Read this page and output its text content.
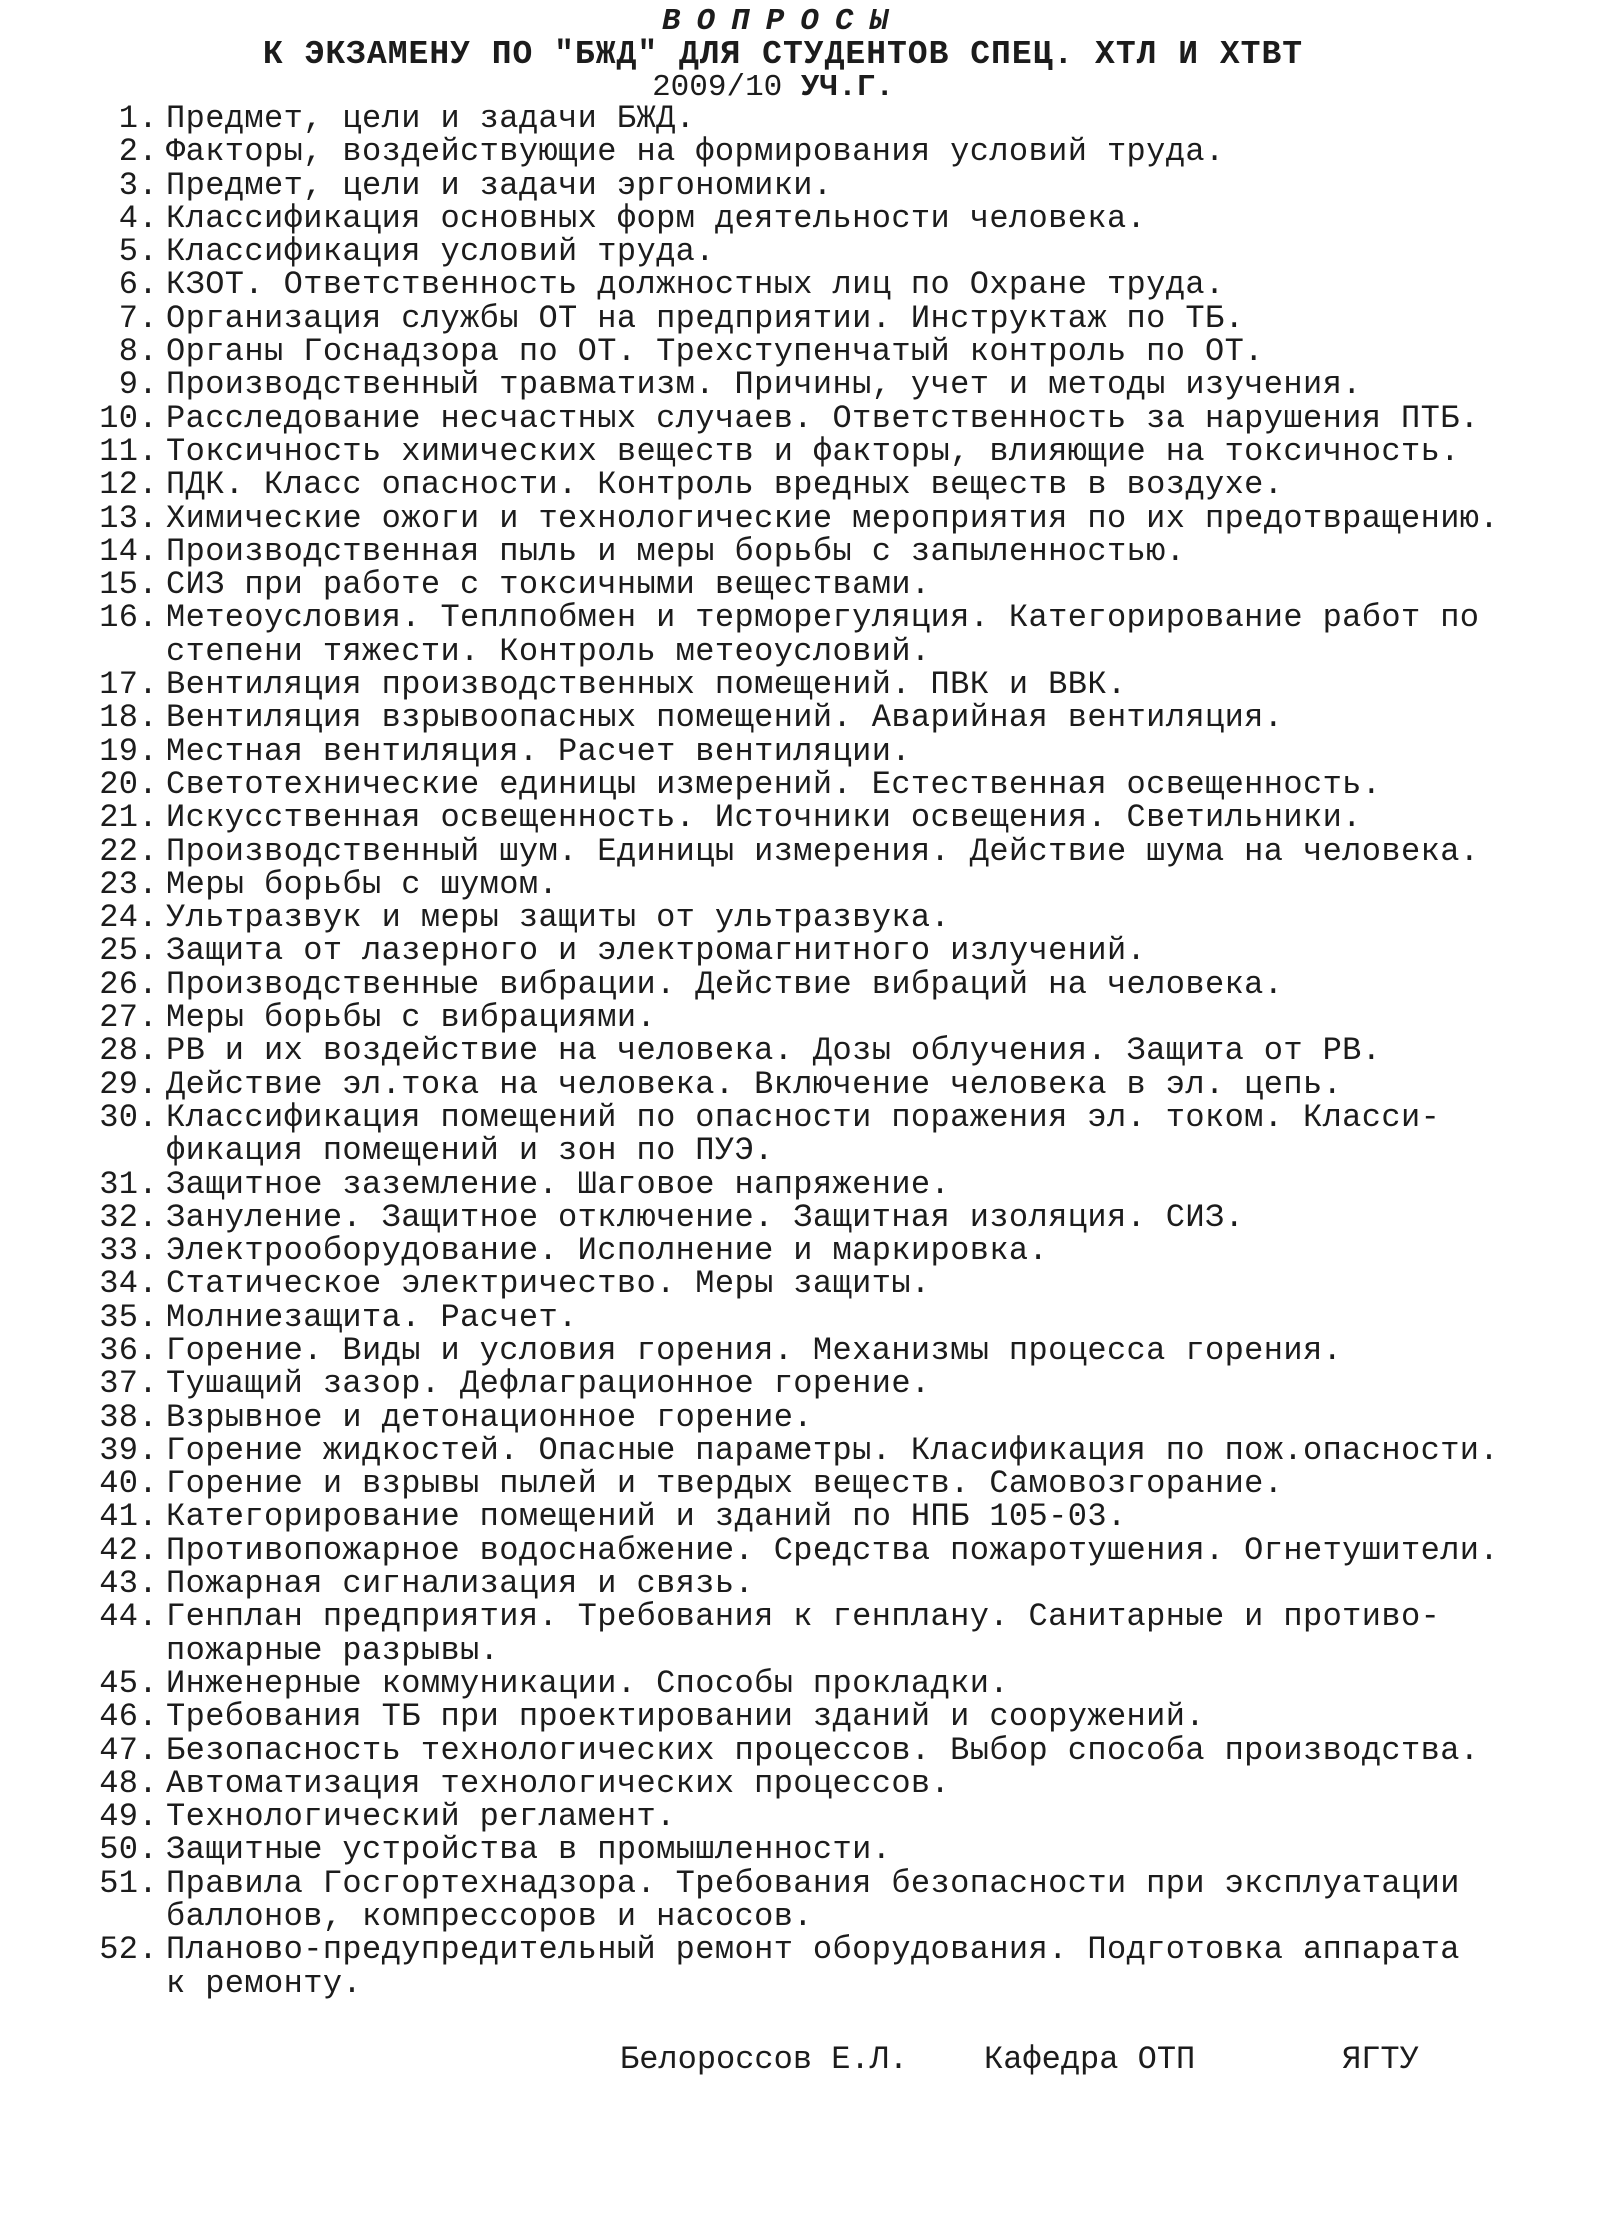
ВОПРОСЫ
К ЭКЗАМЕНУ ПО "БЖД" ДЛЯ СТУДЕНТОВ СПЕЦ. ХТЛ И ХТВТ
2009/10 УЧ.Г.
1. Предмет, цели и задачи БЖД.
2. Факторы, воздействующие на формирования условий труда.
3. Предмет, цели и задачи эргономики.
4. Классификация основных форм деятельности человека.
5. Классификация условий труда.
6. КЗОТ. Ответственность должностных лиц по Охране труда.
7. Организация службы ОТ на предприятии. Инструктаж по ТБ.
8. Органы Госнадзора по ОТ. Трехступенчатый контроль по ОТ.
9. Производственный травматизм. Причины, учет и методы изучения.
10. Расследование несчастных случаев. Ответственность за нарушения ПТБ.
11. Токсичность химических веществ и факторы, влияющие на токсичность.
12. ПДК. Класс опасности. Контроль вредных веществ в воздухе.
13. Химические ожоги и технологические мероприятия по их предотвращению.
14. Производственная пыль и меры борьбы с запыленностью.
15. СИЗ при работе с токсичными веществами.
16. Метеоусловия. Теплпобмен и терморегуляция. Категорирование работ по
степени тяжести. Контроль метеоусловий.
17. Вентиляция производственных помещений. ПВК и ВВК.
18. Вентиляция взрывоопасных помещений. Аварийная вентиляция.
19. Местная вентиляция. Расчет вентиляции.
20. Светотехнические единицы измерений. Естественная освещенность.
21. Искусственная освещенность. Источники освещения. Светильники.
22. Производственный шум. Единицы измерения. Действие шума на человека.
23. Меры борьбы с шумом.
24. Ультразвук и меры защиты от ультразвука.
25. Защита от лазерного и электромагнитного излучений.
26. Производственные вибрации. Действие вибраций на человека.
27. Меры борьбы с вибрациями.
28. РВ и их воздействие на человека. Дозы облучения. Защита от РВ.
29. Действие эл.тока на человека. Включение человека в эл. цепь.
30. Классификация помещений по опасности поражения эл. током. Класси-
фикация помещений и зон по ПУЭ.
31. Защитное заземление. Шаговое напряжение.
32. Зануление. Защитное отключение. Защитная изоляция. СИЗ.
33. Электрооборудование. Исполнение и маркировка.
34. Статическое электричество. Меры защиты.
35. Молниезащита. Расчет.
36. Горение. Виды и условия горения. Механизмы процесса горения.
37. Тушащий зазор. Дефлаграционное горение.
38. Взрывное и детонационное горение.
39. Горение жидкостей. Опасные параметры. Класификация по пож.опасности.
40. Горение и взрывы пылей и твердых веществ. Самовозгорание.
41. Категорирование помещений и зданий по НПБ 105-03.
42. Противопожарное водоснабжение. Средства пожаротушения. Огнетушители.
43. Пожарная сигнализация и связь.
44. Генплан предприятия. Требования к генплану. Санитарные и противо-
пожарные разрывы.
45. Инженерные коммуникации. Способы прокладки.
46. Требования ТБ при проектировании зданий и сооружений.
47. Безопасность технологических процессов. Выбор способа производства.
48. Автоматизация технологических процессов.
49. Технологический регламент.
50. Защитные устройства в промышленности.
51. Правила Госгортехнадзора. Требования безопасности при эксплуатации
баллонов, компрессоров и насосов.
52. Планово-предупредительный ремонт оборудования. Подготовка аппарата
к ремонту.

Белороссов Е.Л.

Кафедра ОТП

	ЯГТУ
